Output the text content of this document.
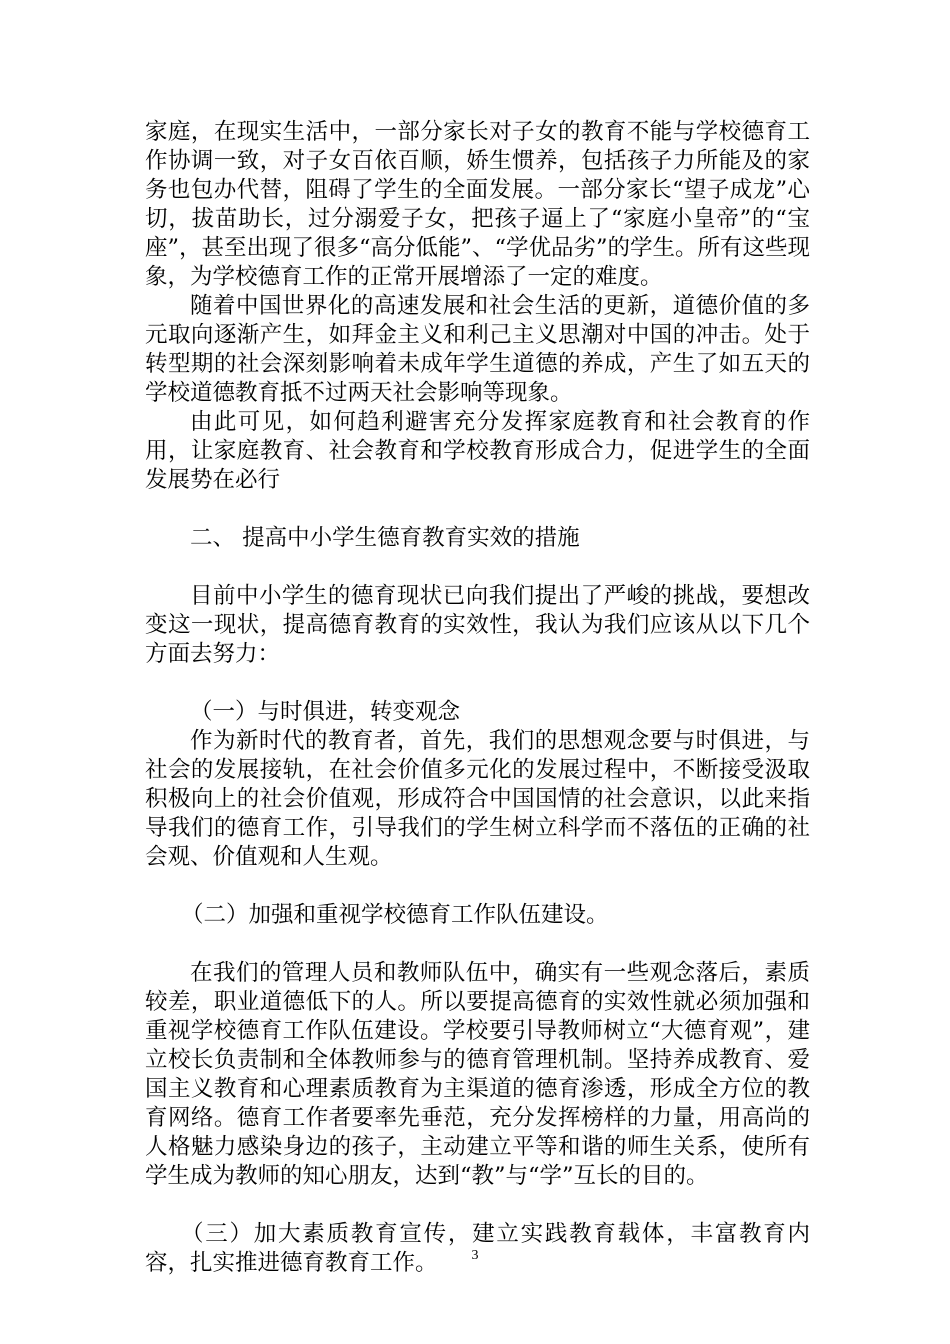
家庭，在现实生活中，一部分家长对子女的教育不能与学校德育工作协调一致，对子女百依百顺，娇生惯养，包括孩子力所能及的家务也包办代替，阻碍了学生的全面发展。一部分家长“望子成龙”心切，拔苗助长，过分溺爱子女，把孩子逼上了“家庭小皇帝”的“宝座”，甚至出现了很多“高分低能”、“学优品劣”的学生。所有这些现象，为学校德育工作的正常开展增添了一定的难度。

随着中国世界化的高速发展和社会生活的更新，道德价值的多元取向逐渐产生，如拜金主义和利己主义思潮对中国的冲击。处于转型期的社会深刻影响着未成年学生道德的养成，产生了如五天的学校道德教育抵不过两天社会影响等现象。

由此可见，如何趋利避害充分发挥家庭教育和社会教育的作用，让家庭教育、社会教育和学校教育形成合力，促进学生的全面发展势在必行

二、 提高中小学生德育教育实效的措施

目前中小学生的德育现状已向我们提出了严峻的挑战，要想改变这一现状，提高德育教育的实效性，我认为我们应该从以下几个方面去努力：

（一）与时俱进，转变观念

作为新时代的教育者，首先，我们的思想观念要与时俱进，与社会的发展接轨，在社会价值多元化的发展过程中，不断接受汲取积极向上的社会价值观，形成符合中国国情的社会意识，以此来指导我们的德育工作，引导我们的学生树立科学而不落伍的正确的社会观、价值观和人生观。

（二）加强和重视学校德育工作队伍建设。

在我们的管理人员和教师队伍中，确实有一些观念落后，素质较差，职业道德低下的人。所以要提高德育的实效性就必须加强和重视学校德育工作队伍建设。学校要引导教师树立“大德育观”，建立校长负责制和全体教师参与的德育管理机制。坚持养成教育、爱国主义教育和心理素质教育为主渠道的德育渗透，形成全方位的教育网络。德育工作者要率先垂范，充分发挥榜样的力量，用高尚的人格魅力感染身边的孩子，主动建立平等和谐的师生关系，使所有学生成为教师的知心朋友，达到“教”与“学”互长的目的。

（三）加大素质教育宣传，建立实践教育载体，丰富教育内容，扎实推进德育教育工作。	3
